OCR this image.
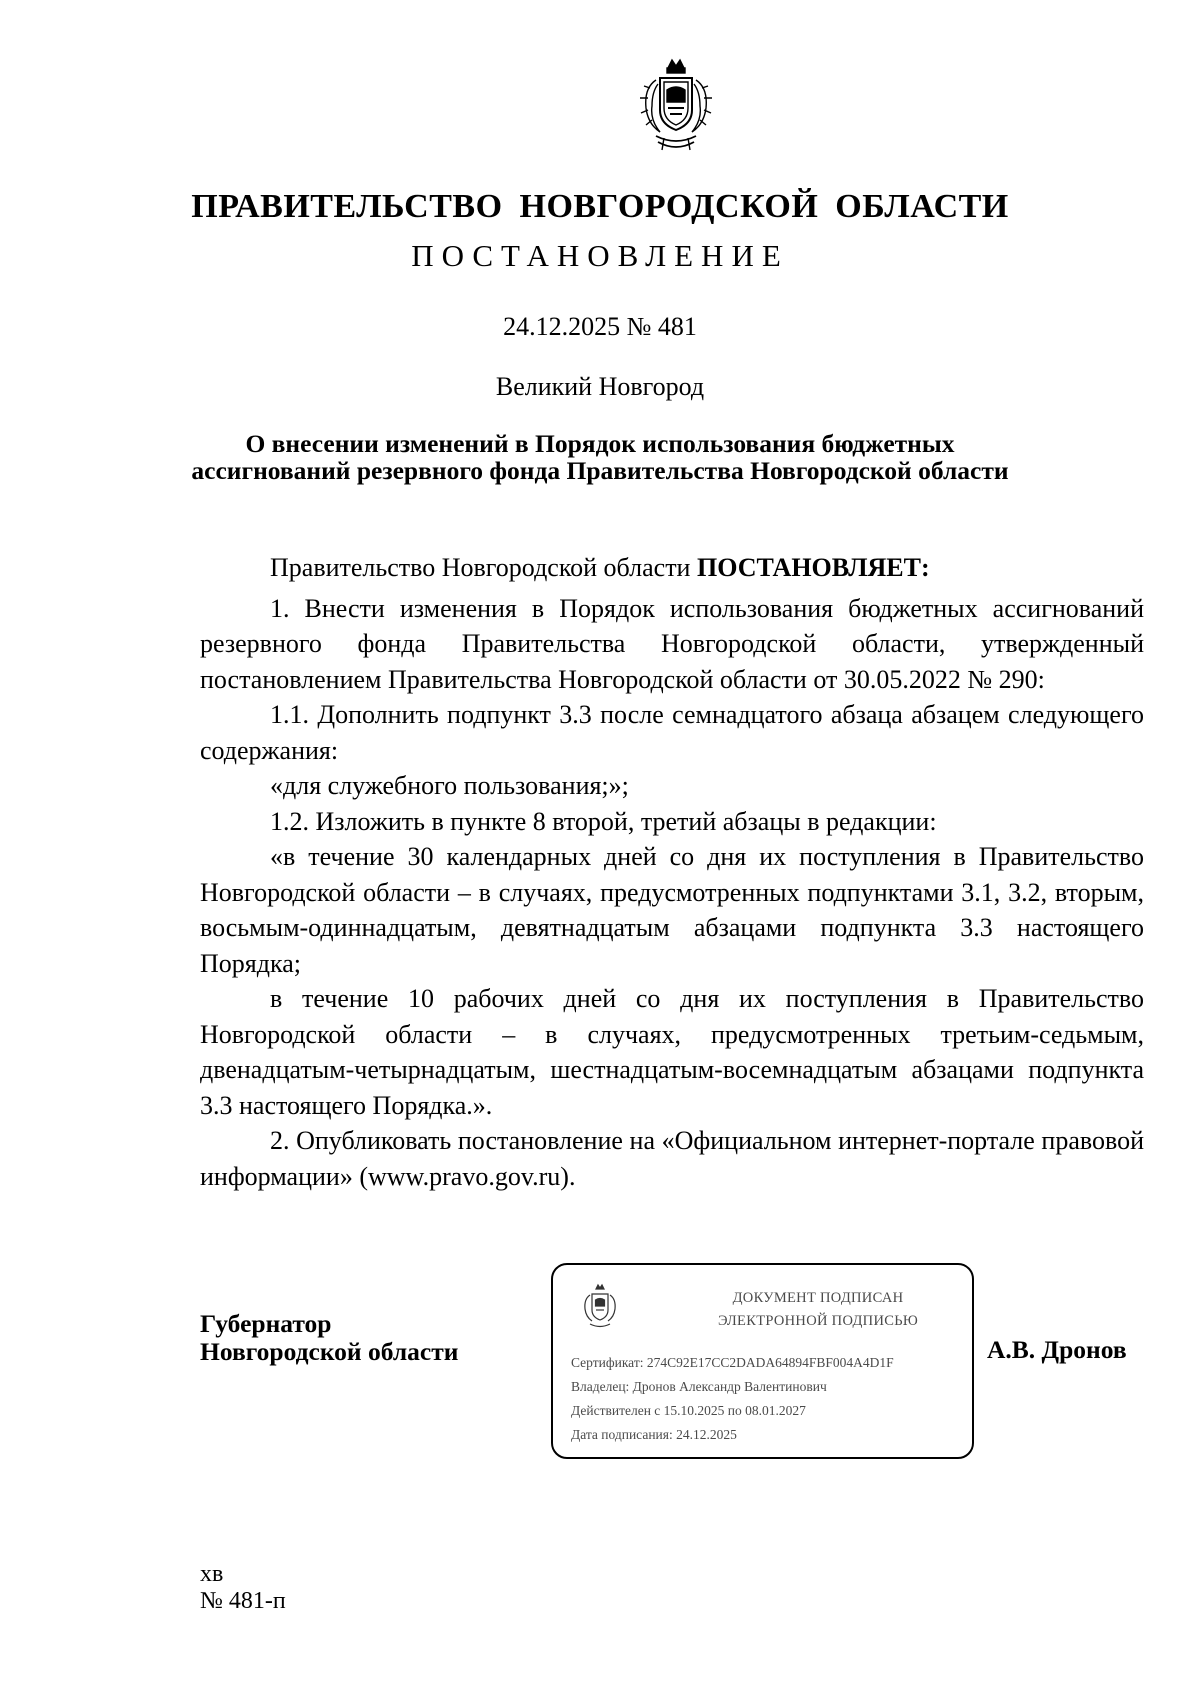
ПРАВИТЕЛЬСТВО НОВГОРОДСКОЙ ОБЛАСТИ
ПОСТАНОВЛЕНИЕ
24.12.2025 № 481
Великий Новгород
О внесении изменений в Порядок использования бюджетных
ассигнований резервного фонда Правительства Новгородской области

Правительство Новгородской области ПОСТАНОВЛЯЕТ:

1. Внести изменения в Порядок использования бюджетных ассигнований резервного фонда Правительства Новгородской области, утвержденный постановлением Правительства Новгородской области от 30.05.2022 № 290:

1.1. Дополнить подпункт 3.3 после семнадцатого абзаца абзацем следующего содержания:

«для служебного пользования;»;

1.2. Изложить в пункте 8 второй, третий абзацы в редакции:

«в течение 30 календарных дней со дня их поступления в Правительство Новгородской области – в случаях, предусмотренных подпунктами 3.1, 3.2, вторым, восьмым-одиннадцатым, девятнадцатым абзацами подпункта 3.3 настоящего Порядка;

в течение 10 рабочих дней со дня их поступления в Правительство Новгородской области – в случаях, предусмотренных третьим-седьмым, двенадцатым-четырнадцатым, шестнадцатым-восемнадцатым абзацами подпункта 3.3 настоящего Порядка.».

2. Опубликовать постановление на «Официальном интернет-портале правовой информации» (www.pravo.gov.ru).

Губернатор
Новгородской области
ДОКУМЕНТ ПОДПИСАН
ЭЛЕКТРОННОЙ ПОДПИСЬЮ
Сертификат: 274C92E17CC2DADA64894FBF004A4D1F
Владелец: Дронов Александр Валентинович
Действителен с 15.10.2025 по 08.01.2027
Дата подписания: 24.12.2025
А.В. Дронов
хв
№ 481-п
